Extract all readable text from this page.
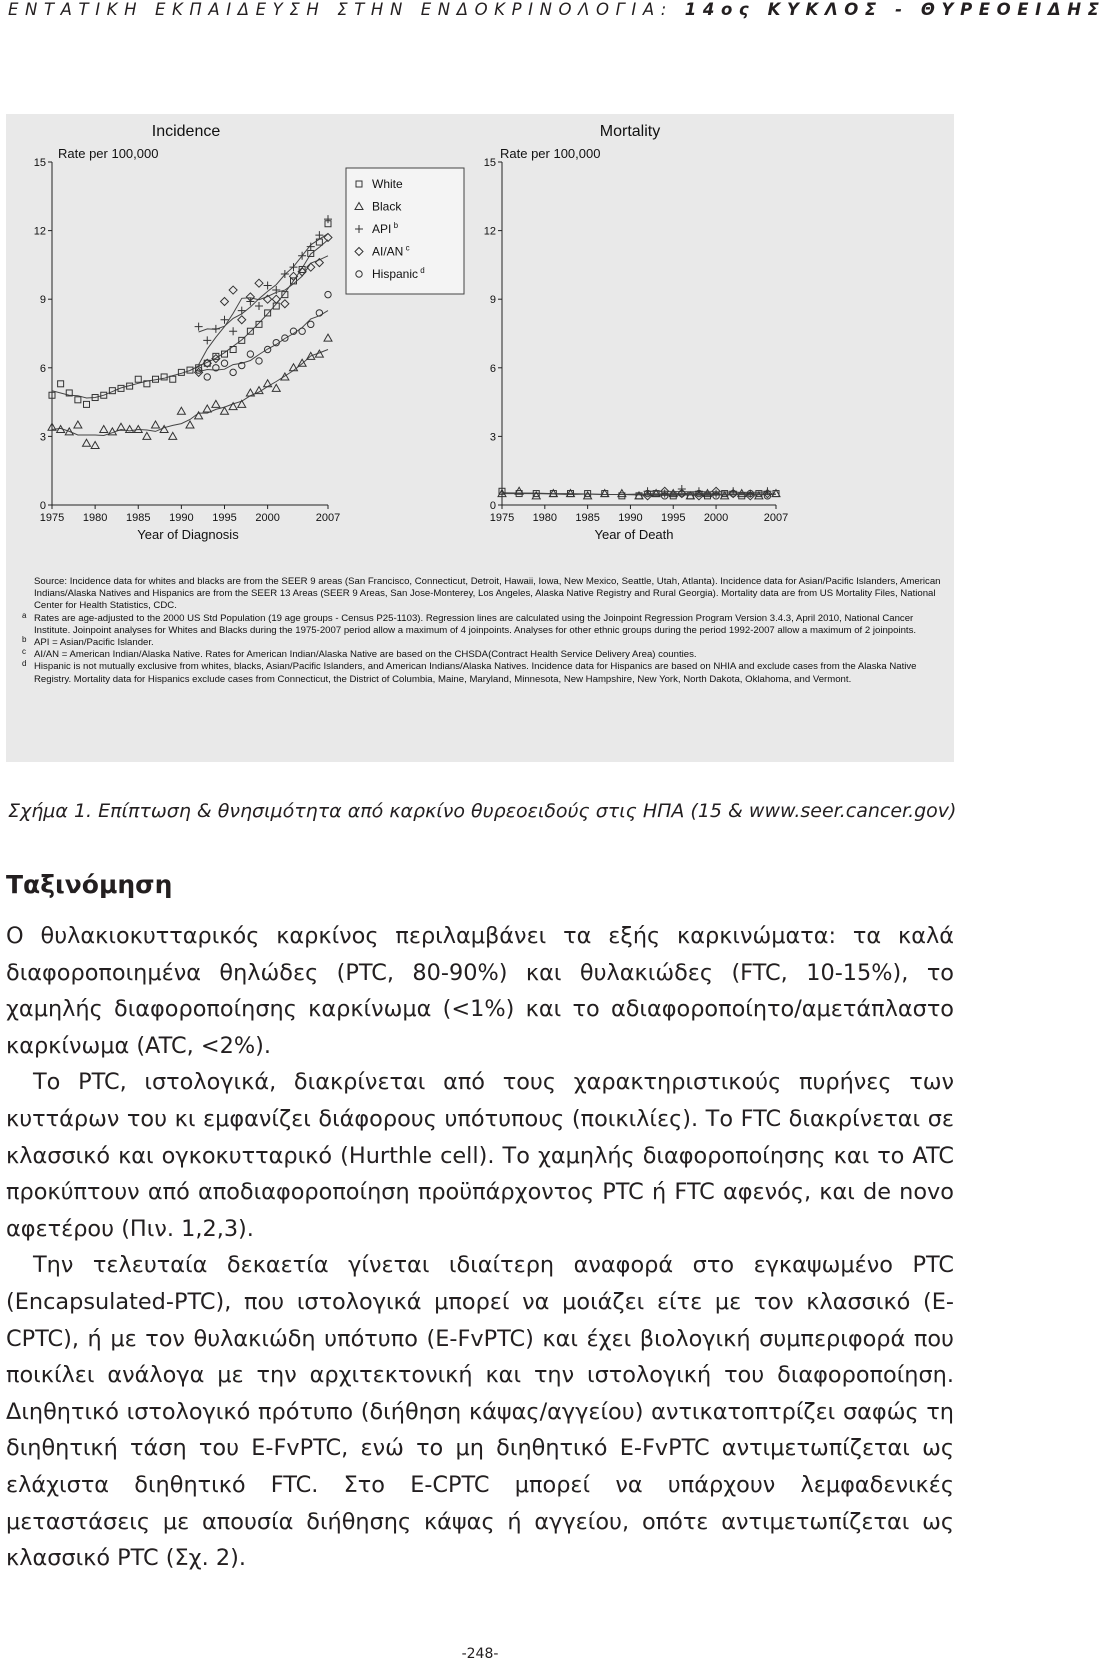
ΕΝΤΑΤΙΚΗ ΕΚΠΑΙΔΕΥΣΗ ΣΤΗΝ ΕΝΔΟΚΡΙΝΟΛΟΓΙΑ: 14ος ΚΥΚΛΟΣ - ΘΥΡΕΟΕΙΔΗΣ
Incidence
Rate per 100,000
0
3
6
9
12
15
1975 1980 1985 1990 1995 2000	2007
Year of Diagnosis
Mortality
Rate per 100,000
0
3
6
9
12
15
1975 1980 1985 1990 1995 2000	2007
Year of Death
White
Black
API $^b$
AI/AN $^c$
Hispanic $^d$
Source: Incidence data for whites and blacks are from the SEER 9 areas (San Francisco, Connecticut, Detroit, Hawaii, Iowa, New Mexico, Seattle, Utah, Atlanta). Incidence data for Asian/Pacific Islanders, American Indians/Alaska Natives and Hispanics are from the SEER 13 Areas (SEER 9 Areas, San Jose-Monterey, Los Angeles, Alaska Native Registry and Rural Georgia). Mortality data are from US Mortality Files, National Center for Health Statistics, CDC.
a Rates are age-adjusted to the 2000 US Std Population (19 age groups - Census P25-1103). Regression lines are calculated using the Joinpoint Regression Program Version 3.4.3, April 2010, National Cancer Institute. Joinpoint analyses for Whites and Blacks during the 1975-2007 period allow a maximum of 4 joinpoints. Analyses for other ethnic groups during the period 1992-2007 allow a maximum of 2 joinpoints.
b API = Asian/Pacific Islander.
c AI/AN = American Indian/Alaska Native. Rates for American Indian/Alaska Native are based on the CHSDA(Contract Health Service Delivery Area) counties.
d Hispanic is not mutually exclusive from whites, blacks, Asian/Pacific Islanders, and American Indians/Alaska Natives. Incidence data for Hispanics are based on NHIA and exclude cases from the Alaska Native Registry. Mortality data for Hispanics exclude cases from Connecticut, the District of Columbia, Maine, Maryland, Minnesota, New Hampshire, New York, North Dakota, Oklahoma, and Vermont.
Σχήμα 1. Επίπτωση & θνησιμότητα από καρκίνο θυρεοειδούς στις ΗΠΑ (15 & www.seer.cancer.gov)
Ταξινόμηση

Ο θυλακιοκυτταρικός καρκίνος περιλαμβάνει τα εξής καρκινώματα: τα καλά διαφοροποιημένα θηλώδες (PTC, 80-90%) και θυλακιώδες (FTC, 10-15%), το χαμηλής διαφοροποίησης καρκίνωμα (<1%) και το αδιαφοροποίητο/αμετάπλαστο καρκίνωμα (ATC, <2%).

Το PTC, ιστολογικά, διακρίνεται από τους χαρακτηριστικούς πυρήνες των κυττάρων του κι εμφανίζει διάφορους υπότυπους (ποικιλίες). Το FTC διακρίνεται σε κλασσικό και ογκοκυτταρικό (Hurthle cell). Το χαμηλής διαφοροποίησης και το ATC προκύπτουν από αποδιαφοροποίηση προϋπάρχοντος PTC ή FTC αφενός, και de novo αφετέρου (Πιν. 1,2,3).

Την τελευταία δεκαετία γίνεται ιδιαίτερη αναφορά στο εγκαψωμένο PTC (Encapsulated-PTC), που ιστολογικά μπορεί να μοιάζει είτε με τον κλασσικό (E-CPTC), ή με τον θυλακιώδη υπότυπο (E-FvPTC) και έχει βιολογική συμπεριφορά που ποικίλει ανάλογα με την αρχιτεκτονική και την ιστολογική του διαφοροποίηση. Διηθητικό ιστολογικό πρότυπο (διήθηση κάψας/αγγείου) αντικατοπτρίζει σαφώς τη διηθητική τάση του E-FvPTC, ενώ το μη διηθητικό E-FvPTC αντιμετωπίζεται ως ελάχιστα διηθητικό FTC. Στο E-CPTC μπορεί να υπάρχουν λεμφαδενικές μεταστάσεις με απουσία διήθησης κάψας ή αγγείου, οπότε αντιμετωπίζεται ως κλασσικό PTC (Σχ. 2).

-248-
